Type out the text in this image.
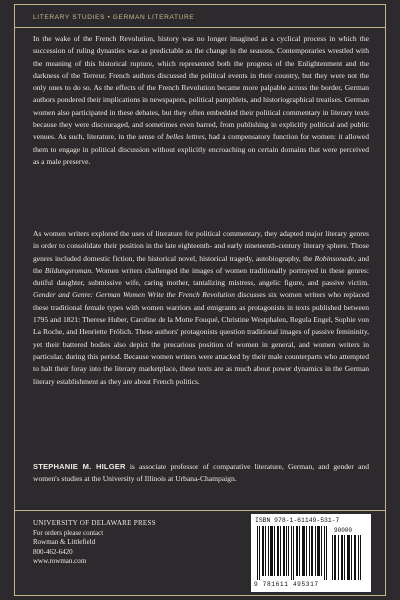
LITERARY STUDIES • GERMAN LITERATURE

In the wake of the French Revolution, history was no longer imagined as a cyclical process in which the succession of ruling dynasties was as predictable as the change in the seasons. Contemporaries wrestled with the meaning of this historical rupture, which represented both the progress of the Enlightenment and the darkness of the Terreur. French authors discussed the political events in their country, but they were not the only ones to do so. As the effects of the French Revolution became more palpable across the border, German authors pondered their implications in newspapers, political pamphlets, and historiographical treatises. German women also participated in these debates, but they often embedded their political commentary in literary texts because they were discouraged, and sometimes even barred, from publishing in explicitly political and public venues. As such, literature, in the sense of belles lettres, had a compensatory function for women: it allowed them to engage in political discussion without explicitly encroaching on certain domains that were perceived as a male preserve.

As women writers explored the uses of literature for political commentary, they adapted major literary genres in order to consolidate their position in the late eighteenth- and early nineteenth-century literary sphere. Those genres included domestic fiction, the historical novel, historical tragedy, autobiography, the Robinsonade, and the Bildungsroman. Women writers challenged the images of women traditionally portrayed in these genres: dutiful daughter, submissive wife, caring mother, tantalizing mistress, angelic figure, and passive victim. Gender and Genre: German Women Write the French Revolution discusses six women writers who replaced these traditional female types with women warriors and emigrants as protagonists in texts published between 1795 and 1821: Therese Huber, Caroline de la Motte Fouqué, Christine Westphalen, Regula Engel, Sophie von La Roche, and Henriette Frölich. These authors' protagonists question traditional images of passive femininity, yet their battered bodies also depict the precarious position of women in general, and women writers in particular, during this period. Because women writers were attacked by their male counterparts who attempted to halt their foray into the literary marketplace, these texts are as much about power dynamics in the German literary establishment as they are about French politics.

STEPHANIE M. HILGER is associate professor of comparative literature, German, and gender and women's studies at the University of Illinois at Urbana-Champaign.
UNIVERSITY OF DELAWARE PRESS
For orders please contact
Rowman & Littlefield
800-462-6420
www.rowman.com
ISBN 978-1-61149-531-7
90000
9 781611 495317
